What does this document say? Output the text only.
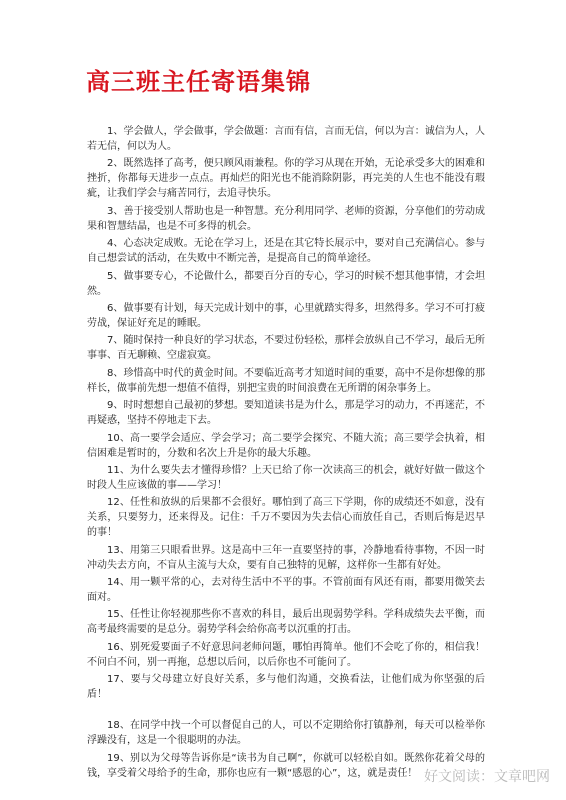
高三班主任寄语集锦

1、学会做人，学会做事，学会做题：言而有信，言而无信，何以为言：诚信为人，人若无信，何以为人。

2、既然选择了高考，便只顾风雨兼程。你的学习从现在开始，无论承受多大的困难和挫折，你都每天进步一点点。再灿烂的阳光也不能消除阴影，再完美的人生也不能没有瑕疵，让我们学会与痛苦同行，去追寻快乐。

3、善于接受别人帮助也是一种智慧。充分利用同学、老师的资源，分享他们的劳动成果和智慧结晶，也是不可多得的机会。

4、心态决定成败。无论在学习上，还是在其它特长展示中，要对自己充满信心。参与自己想尝试的活动，在失败中不断完善，是提高自己的简单途径。

5、做事要专心，不论做什么，都要百分百的专心，学习的时候不想其他事情，才会坦然。

6、做事要有计划，每天完成计划中的事，心里就踏实得多，坦然得多。学习不可打疲劳战，保证好充足的睡眠。

7、随时保持一种良好的学习状态，不要过份轻松，那样会放纵自己不学习，最后无所事事、百无聊赖、空虚寂寞。

8、珍惜高中时代的黄金时间。不要临近高考才知道时间的重要，高中不是你想像的那样长，做事前先想一想值不值得，别把宝贵的时间浪费在无所谓的闲杂事务上。

9、时时想想自己最初的梦想。要知道读书是为什么，那是学习的动力，不再迷茫，不再疑惑，坚持不停地走下去。

10、高一要学会适应、学会学习；高二要学会探究、不随大流；高三要学会执着，相信困难是暂时的，分数和名次上升是你的最大乐趣。

11、为什么要失去才懂得珍惜？上天已给了你一次读高三的机会，就好好做一做这个时段人生应该做的事——学习！

12、任性和放纵的后果都不会很好。哪怕到了高三下学期，你的成绩还不如意，没有关系，只要努力，还来得及。记住：千万不要因为失去信心而放任自己，否则后悔是迟早的事！

13、用第三只眼看世界。这是高中三年一直要坚持的事，冷静地看待事物，不因一时冲动失去方向，不盲从主流与大众，要有自己独特的见解，这样你一生都有好处。

14、用一颗平常的心，去对待生活中不平的事。不管前面有风还有雨，都要用微笑去面对。

15、任性让你轻视那些你不喜欢的科目，最后出现弱势学科。学科成绩失去平衡，而高考最终需要的是总分。弱势学科会给你高考以沉重的打击。

16、别死爱要面子不好意思问老师问题，哪怕再简单。他们不会吃了你的，相信我！不问白不问，别一再拖，总想以后问，以后你也不可能问了。

17、要与父母建立好良好关系，多与他们沟通，交换看法，让他们成为你坚强的后盾！

18、在同学中找一个可以督促自己的人，可以不定期给你打镇静剂，每天可以检举你浮躁没有，这是一个很聪明的办法。

19、别以为父母等告诉你是“读书为自己啊”，你就可以轻松自如。既然你花着父母的钱，享受着父母给予的生命，那你也应有一颗“感恩的心”，这，就是责任！ 好文阅读：文章吧网
